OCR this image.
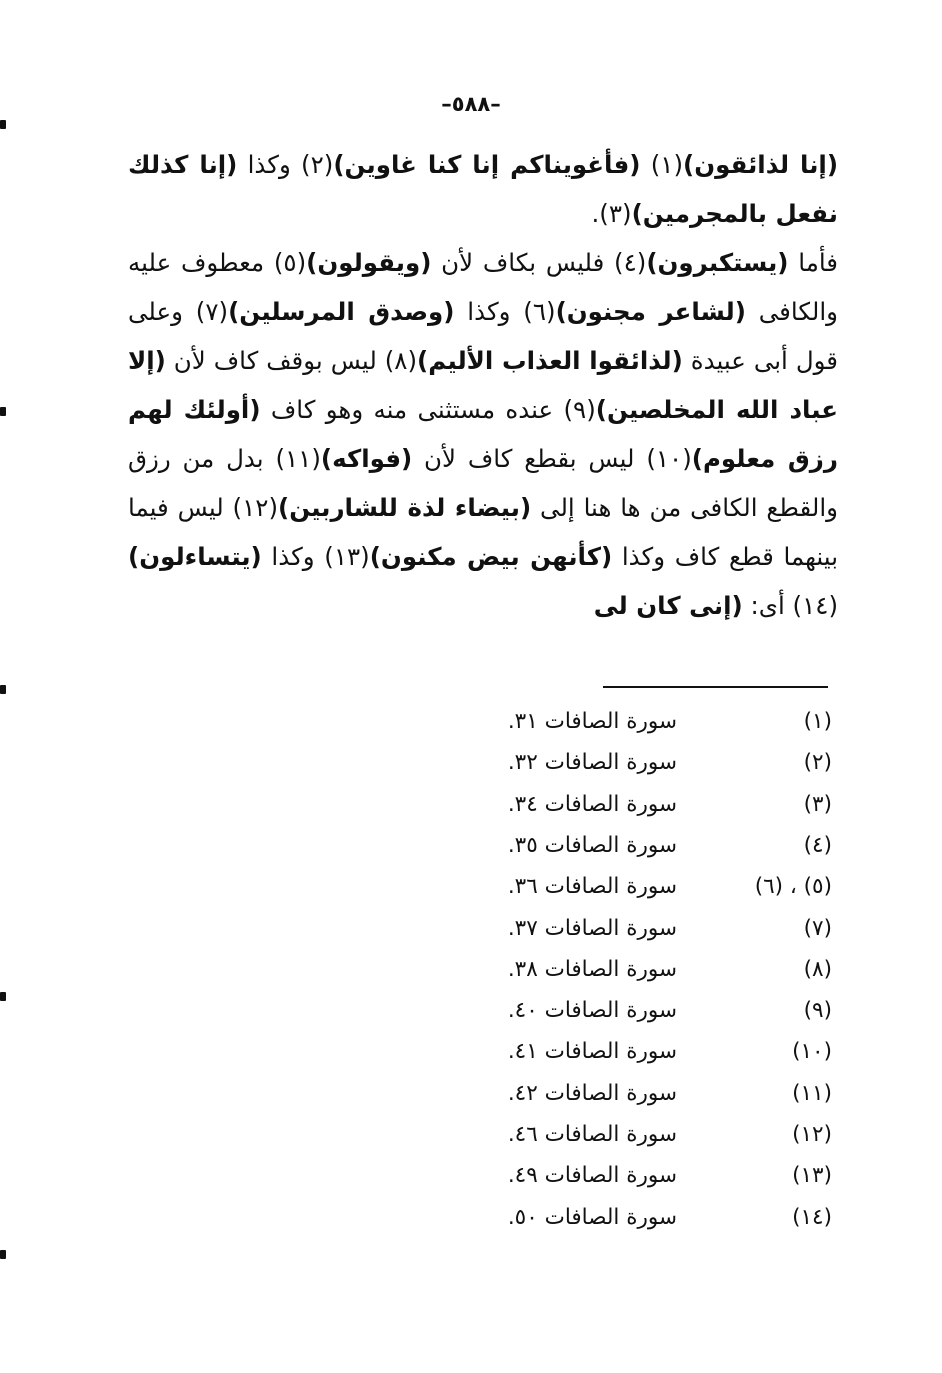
–٥٨٨–

(إنا لذائقون)(١) (فأغويناكم إنا كنا غاوين)(٢) وكذا (إنا كذلك نفعل بالمجرمين)(٣).

فأما (يستكبرون)(٤) فليس بكاف لأن (ويقولون)(٥) معطوف عليه والكافى (لشاعر مجنون)(٦) وكذا (وصدق المرسلين)(٧) وعلى قول أبى عبيدة (لذائقوا العذاب الأليم)(٨) ليس بوقف كاف لأن (إلا عباد الله المخلصين)(٩) عنده مستثنى منه وهو كاف (أولئك لهم رزق معلوم)(١٠) ليس بقطع كاف لأن (فواكه)(١١) بدل من رزق والقطع الكافى من ها هنا إلى (بيضاء لذة للشاربين)(١٢) ليس فيما بينهما قطع كاف وكذا (كأنهن بيض مكنون)(١٣) وكذا (يتساءلون)(١٤) أى: (إنى كان لى

(١)
سورة الصافات ٣١.
(٢)
سورة الصافات ٣٢.
(٣)
سورة الصافات ٣٤.
(٤)
سورة الصافات ٣٥.
(٥) ، (٦)
سورة الصافات ٣٦.
(٧)
سورة الصافات ٣٧.
(٨)
سورة الصافات ٣٨.
(٩)
سورة الصافات ٤٠.
(١٠)
سورة الصافات ٤١.
(١١)
سورة الصافات ٤٢.
(١٢)
سورة الصافات ٤٦.
(١٣)
سورة الصافات ٤٩.
(١٤)
سورة الصافات ٥٠.
